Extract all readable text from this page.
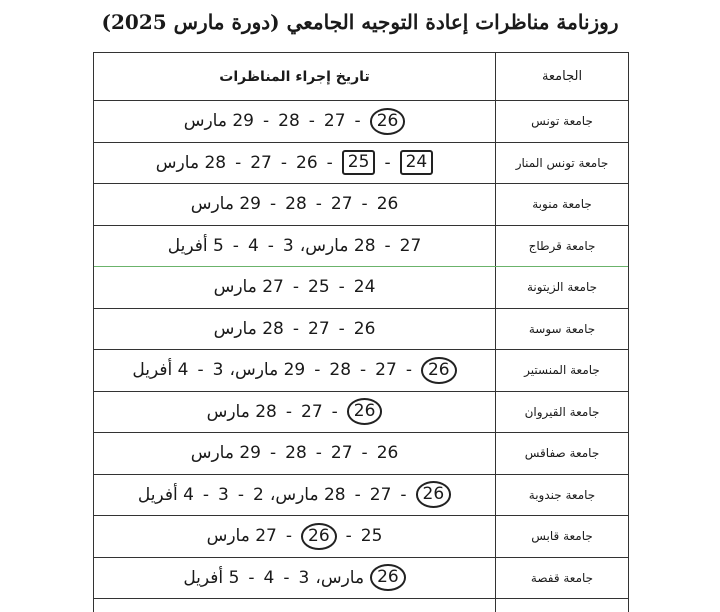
روزنامة مناظرات إعادة التوجيه الجامعي (دورة مارس 2025)
الجامعة
تاريخ إجراء المناظرات
جامعة تونس
26
-
27
-
28
-
29 مارس
جامعة تونس المنار
24
-
25
-
26
-
27
-
28 مارس
جامعة منوبة
26
-
27
-
28
-
29 مارس
جامعة قرطاج
27
-
28 مارس،
3
-
4
-
5 أفريل
جامعة الزيتونة
24
-
25
-
27 مارس
جامعة سوسة
26
-
27
-
28 مارس
جامعة المنستير
26
-
27
-
28
-
29 مارس،
3
-
4 أفريل
جامعة القيروان
26
-
27
-
28 مارس
جامعة صفاقس
26
-
27
-
28
-
29 مارس
جامعة جندوبة
26
-
27
-
28 مارس،
2
-
3
-
4 أفريل
جامعة قابس
25
-
26
-
27 مارس
جامعة قفصة
26
مارس،
3
-
4
-
5 أفريل
